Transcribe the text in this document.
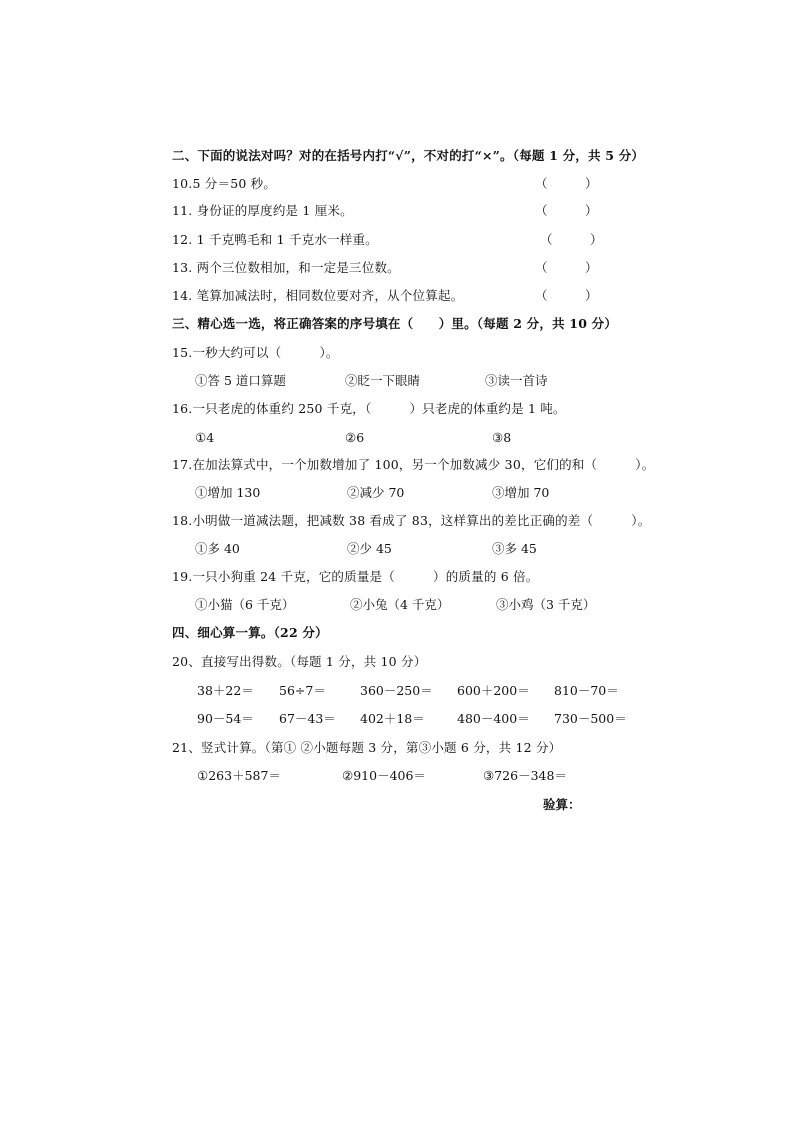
二、下面的说法对吗？对的在括号内打“√”，不对的打“×”。（每题 1 分，共 5 分）
10.5 分＝50 秒。	（　　　）
11. 身份证的厚度约是 1 厘米。	（　　　）
12. 1 千克鸭毛和 1 千克水一样重。	（　　　）
13. 两个三位数相加，和一定是三位数。	（　　　）
14. 笔算加减法时，相同数位要对齐，从个位算起。	（　　　）
三、精心选一选，将正确答案的序号填在（　　）里。（每题 2 分，共 10 分）
15.一秒大约可以（　　　）。
①答 5 道口算题	②眨一下眼睛	③读一首诗
16.一只老虎的体重约 250 千克，（　　　）只老虎的体重约是 1 吨。
①4	②6	③8
17.在加法算式中，一个加数增加了 100，另一个加数减少 30，它们的和（　　　）。
①增加 130	②减少 70	③增加 70
18.小明做一道减法题，把减数 38 看成了 83，这样算出的差比正确的差（　　　）。
①多 40	②少 45	③多 45
19.一只小狗重 24 千克，它的质量是（　　　）的质量的 6 倍。
①小猫（6 千克）	②小兔（4 千克）	③小鸡（3 千克）
四、细心算一算。（22 分）
20、直接写出得数。（每题 1 分，共 10 分）
38＋22＝ 56÷7＝	360－250＝ 600＋200＝ 810－70＝
90－54＝ 67－43＝ 402＋18＝	480－400＝ 730－500＝
21、竖式计算。（第① ②小题每题 3 分，第③小题 6 分，共 12 分）
①263＋587＝	②910－406＝	③726－348＝
验算：
